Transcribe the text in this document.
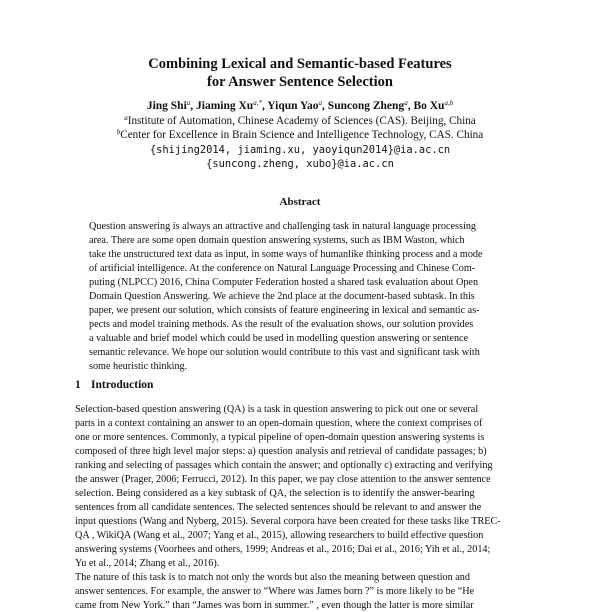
Combining Lexical and Semantic-based Features
for Answer Sentence Selection
Jing Shi$^a$, Jiaming $Xu^{a,*}$, Yiqun Yao$^a$, Suncong Zheng$^a$, Bo Xu$^{a,b}$
$^a$Institute of Automation, Chinese Academy of Sciences (CAS). Beijing, China
$^b$Center for Excellence in Brain Science and Intelligence Technology, CAS. China
{shijing2014, jiaming.xu, yaoyiqun2014}@ia.ac.cn
{suncong.zheng, xubo}@ia.ac.cn
Abstract
Question answering is always an attractive and challenging task in natural language processing
area. There are some open domain question answering systems, such as IBM Waston, which
take the unstructured text data as input, in some ways of humanlike thinking process and a mode
of artificial intelligence. At the conference on Natural Language Processing and Chinese Com-
puting (NLPCC) 2016, China Computer Federation hosted a shared task evaluation about Open
Domain Question Answering. We achieve the 2nd place at the document-based subtask. In this
paper, we present our solution, which consists of feature engineering in lexical and semantic as-
pects and model training methods. As the result of the evaluation shows, our solution provides
a valuable and brief model which could be used in modelling question answering or sentence
semantic relevance. We hope our solution would contribute to this vast and significant task with
some heuristic thinking.
1 Introduction
Selection-based question answering (QA) is a task in question answering to pick out one or several
parts in a context containing an answer to an open-domain question, where the context comprises of
one or more sentences. Commonly, a typical pipeline of open-domain question answering systems is
composed of three high level major steps: a) question analysis and retrieval of candidate passages; b)
ranking and selecting of passages which contain the answer; and optionally c) extracting and verifying
the answer (Prager, 2006; Ferrucci, 2012). In this paper, we pay close attention to the answer sentence
selection. Being considered as a key subtask of QA, the selection is to identify the answer-bearing
sentences from all candidate sentences. The selected sentences should be relevant to and answer the
input questions (Wang and Nyberg, 2015). Several corpora have been created for these tasks like TREC-
QA , WikiQA (Wang et al., 2007; Yang et al., 2015), allowing researchers to build effective question
answering systems (Voorhees and others, 1999; Andreas et al., 2016; Dai et al., 2016; Yih et al., 2014;
Yu et al., 2014; Zhang et al., 2016).
The nature of this task is to match not only the words but also the meaning between question and
answer sentences. For example, the answer to “Where was James born ?” is more likely to be “He
came from New York.” than “James was born in summer.” , even though the latter is more similar
